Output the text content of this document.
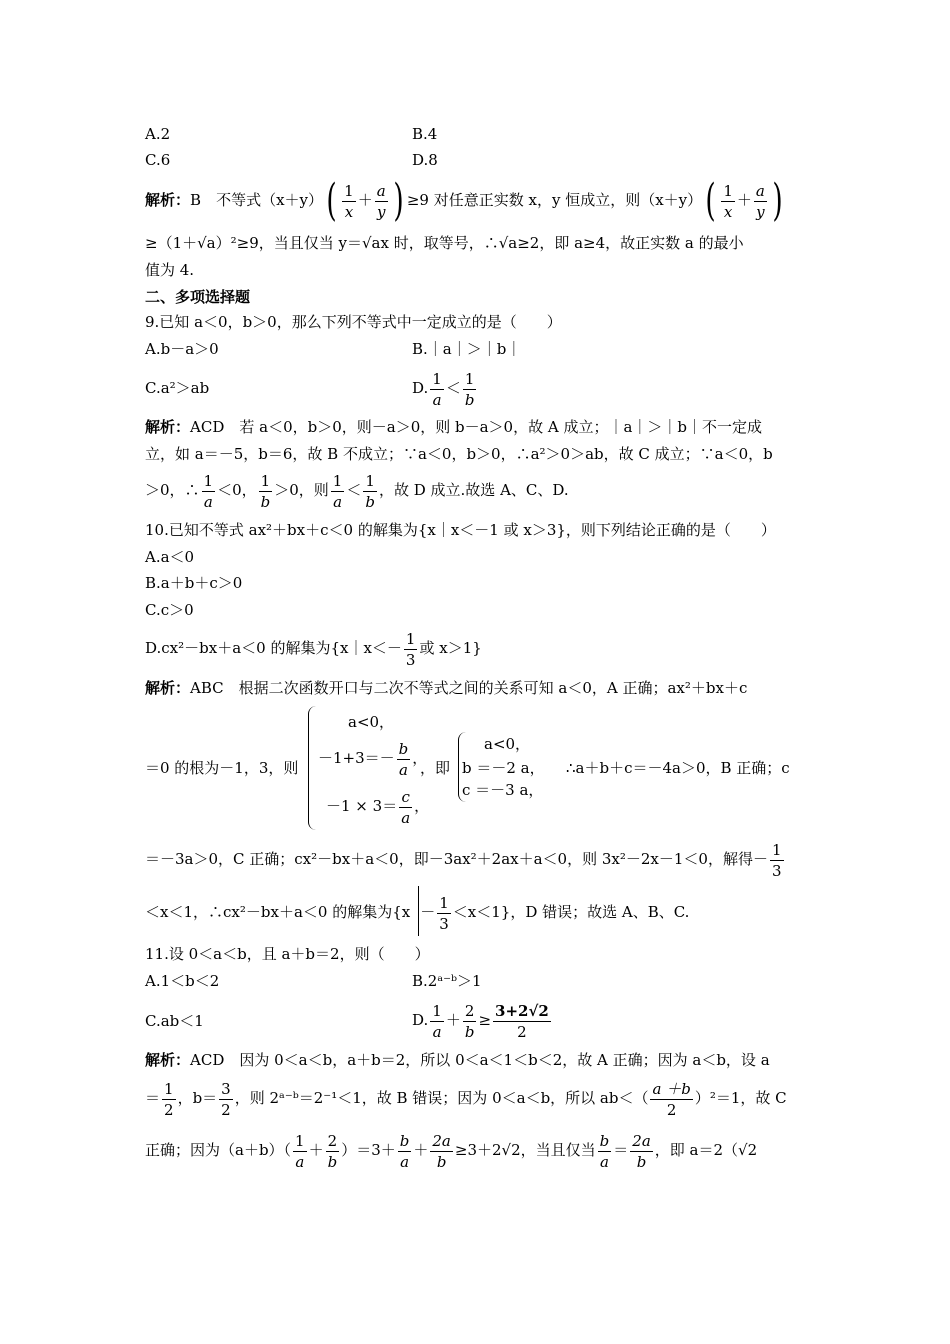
A.2	B.4
C.6	D.8
解析：B　 不等式$(x+y)( \frac{1}{x} + \frac{a}{y}$ ) ≥9 对任意正实数 x，y 恒成立，则$(x+y)( \frac{1}{x} + \frac{a}{y}$ )
≥（1＋√a）²≥9，当且仅当 y＝√ax 时，取等号，∴√a≥2，即 a≥4，故正实数 a 的最小
值为 4.
二、多项选择题
9.已知 a＜0，b＞0，那么下列不等式中一定成立的是（　　）
A.b－a＞0	B.｜a｜＞｜b｜
C.a²＞ab	D. $\frac{1}{a} < \frac{1}{b}$
解析：ACD　若 a＜0，b＞0，则－a＞0，则 b－a＞0，故 A 成立；｜a｜＞｜b｜不一定成
立，如 a＝－5，b＝6，故 B 不成立；∵a＜0，b＞0，∴a²＞0＞ab，故 C 成立；∵a＜0，b
＞0，∴ $\frac{1}{a} <0$， $\frac{1}{b} >0$，则 $\frac{1}{a} < \frac{1}{b}$ ，故 D 成立.故选 A、C、D.
10.已知不等式 ax²＋bx＋c＜0 的解集为{x｜x＜－1 或 x＞3}，则下列结论正确的是（　　）
A.a＜0
B.a＋b＋c＞0
C.c＞0
D.cx²－bx＋a＜0 的解集为{x｜x＜－ $\frac{1}{3}$ 或 x＞1}
解析：ABC　根据二次函数开口与二次不等式之间的关系可知 a＜0，A 正确；ax²＋bx＋c
＝0 的根为－1，3，则
a<0，
$-1+3=- \frac{b}{a}$ ，
$-1 \times 3= \frac{c}{a}$ ，
，即
a<0，
b ＝－2 a，
c ＝－3 a，
∴a＋b＋c＝－4a＞0，B 正确；c
＝－3a＞0，C 正确；cx²－bx＋a＜0，即－3ax²＋2ax＋a＜0，则 3x²－2x－1＜0，解得－ $\frac{1}{3}$
＜x＜1，∴cx²－bx＋a＜0 的解集为$\{x - \frac{1}{3} <x<1\}$，D 错误；故选 A、B、C.
11.设 0＜a＜b，且 a＋b＝2，则（　　）
A.1＜b＜2	B.2ᵃ⁻ᵇ＞1
C.ab＜1	D. $\frac{1}{a} + \frac{2}{b} \ge \frac{3+2√2}{2}$
解析：ACD　因为 0＜a＜b，a＋b＝2，所以 0＜a＜1＜b＜2，故 A 正确；因为 a＜b，设 a
＝ $\frac{1}{2}$ ，$b= \frac{3}{2}$ ，则 2ᵃ⁻ᵇ＝2⁻¹＜1，故 B 错误；因为 0＜a＜b，所以 $ab<( \frac{a +b}{2} )^2=1$，故 C
正确；因为$(a+b)( \frac{1}{a} + \frac{2}{b} )=3+ \frac{b}{a} + \frac{2a}{b} \ge 3+2√2$，当且仅当 $\frac{b}{a} = \frac{2a}{b}$ ，即 a＝2（√2
